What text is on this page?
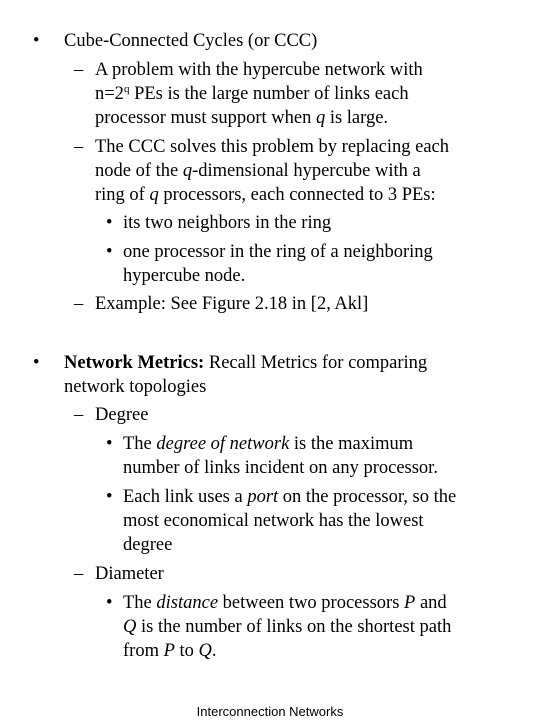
• Cube-Connected Cycles (or CCC)
– A problem with the hypercube network with
$n=2^q$ PEs is the large number of links each
processor must support when q is large.
– The CCC solves this problem by replacing each
node of the q-dimensional hypercube with a
ring of q processors, each connected to 3 PEs:
• its two neighbors in the ring
• one processor in the ring of a neighboring
hypercube node.
– Example: See Figure 2.18 in [2, Akl]
• Network Metrics: Recall Metrics for comparing
network topologies
– Degree
• The degree of network is the maximum
number of links incident on any processor.
• Each link uses a port on the processor, so the
most economical network has the lowest
degree
– Diameter
• The distance between two processors P and
Q is the number of links on the shortest path
from P to Q.
Interconnection Networks
